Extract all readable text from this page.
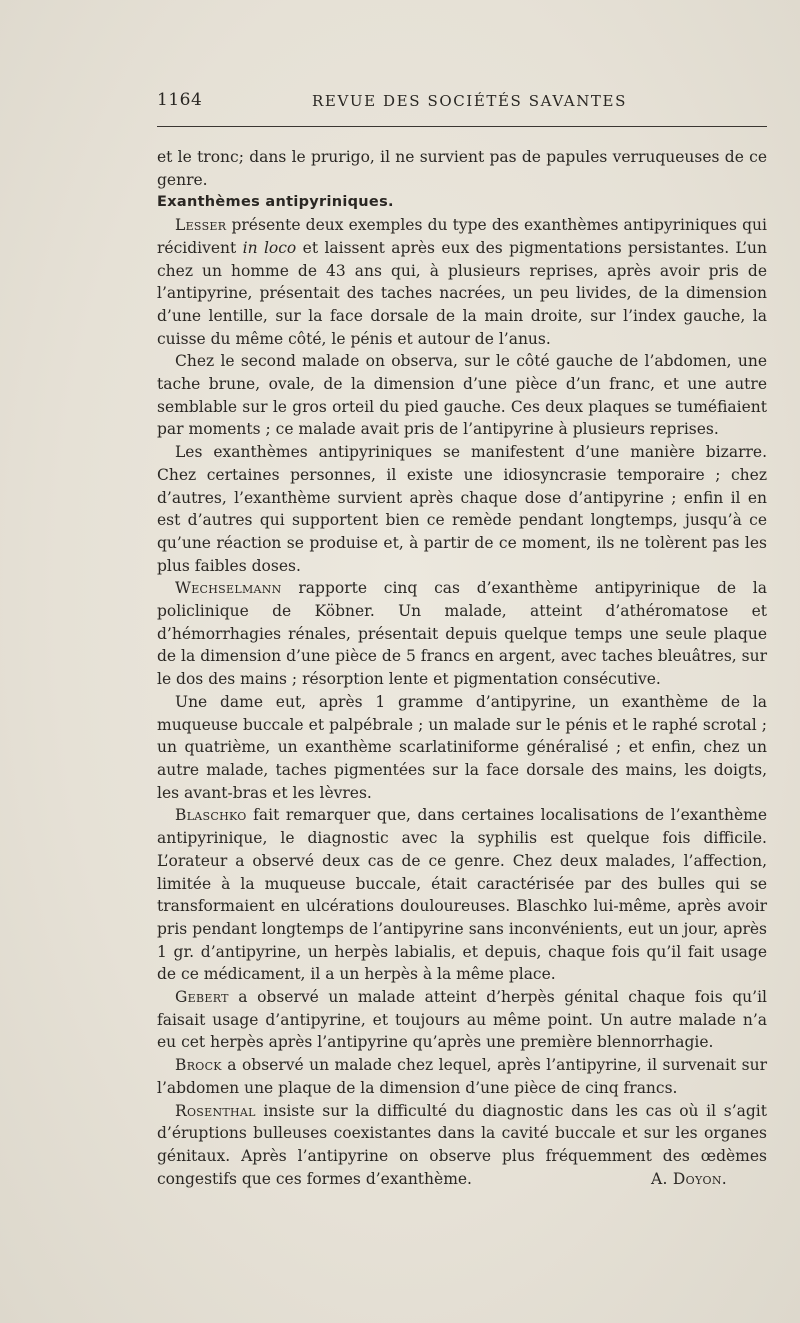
1164	REVUE DES SOCIÉTÉS SAVANTES

et le tronc; dans le prurigo, il ne survient pas de papules verruqueuses de ce genre.

Exanthèmes antipyriniques.

Lesser présente deux exemples du type des exanthèmes antipyriniques qui récidivent in loco et laissent après eux des pigmentations persistantes. L’un chez un homme de 43 ans qui, à plusieurs reprises, après avoir pris de l’antipyrine, présentait des taches nacrées, un peu livides, de la dimension d’une lentille, sur la face dorsale de la main droite, sur l’index gauche, la cuisse du même côté, le pénis et autour de l’anus.

Chez le second malade on observa, sur le côté gauche de l’abdomen, une tache brune, ovale, de la dimension d’une pièce d’un franc, et une autre semblable sur le gros orteil du pied gauche. Ces deux plaques se tuméfiaient par moments ; ce malade avait pris de l’antipyrine à plusieurs reprises.

Les exanthèmes antipyriniques se manifestent d’une manière bizarre. Chez certaines personnes, il existe une idiosyncrasie temporaire ; chez d’autres, l’exanthème survient après chaque dose d’antipyrine ; enfin il en est d’autres qui supportent bien ce remède pendant longtemps, jusqu’à ce qu’une réaction se produise et, à partir de ce moment, ils ne tolèrent pas les plus faibles doses.

Wechselmann rapporte cinq cas d’exanthème antipyrinique de la policlinique de Köbner. Un malade, atteint d’athéromatose et d’hémorrhagies rénales, présentait depuis quelque temps une seule plaque de la dimension d’une pièce de 5 francs en argent, avec taches bleuâtres, sur le dos des mains ; résorption lente et pigmentation consécutive.

Une dame eut, après 1 gramme d’antipyrine, un exanthème de la muqueuse buccale et palpébrale ; un malade sur le pénis et le raphé scrotal ; un quatrième, un exanthème scarlatiniforme généralisé ; et enfin, chez un autre malade, taches pigmentées sur la face dorsale des mains, les doigts, les avant-bras et les lèvres.

Blaschko fait remarquer que, dans certaines localisations de l’exanthème antipyrinique, le diagnostic avec la syphilis est quelque fois difficile. L’orateur a observé deux cas de ce genre. Chez deux malades, l’affection, limitée à la muqueuse buccale, était caractérisée par des bulles qui se transformaient en ulcérations douloureuses. Blaschko lui-même, après avoir pris pendant longtemps de l’antipyrine sans inconvénients, eut un jour, après 1 gr. d’antipyrine, un herpès labialis, et depuis, chaque fois qu’il fait usage de ce médicament, il a un herpès à la même place.

Gebert a observé un malade atteint d’herpès génital chaque fois qu’il faisait usage d’antipyrine, et toujours au même point. Un autre malade n’a eu cet herpès après l’antipyrine qu’après une première blennorrhagie.

Brock a observé un malade chez lequel, après l’antipyrine, il survenait sur l’abdomen une plaque de la dimension d’une pièce de cinq francs.

Rosenthal insiste sur la difficulté du diagnostic dans les cas où il s’agit d’éruptions bulleuses coexistantes dans la cavité buccale et sur les organes génitaux. Après l’antipyrine on observe plus fréquemment des œdèmes congestifs que ces formes d’exanthème.	A. Doyon.
